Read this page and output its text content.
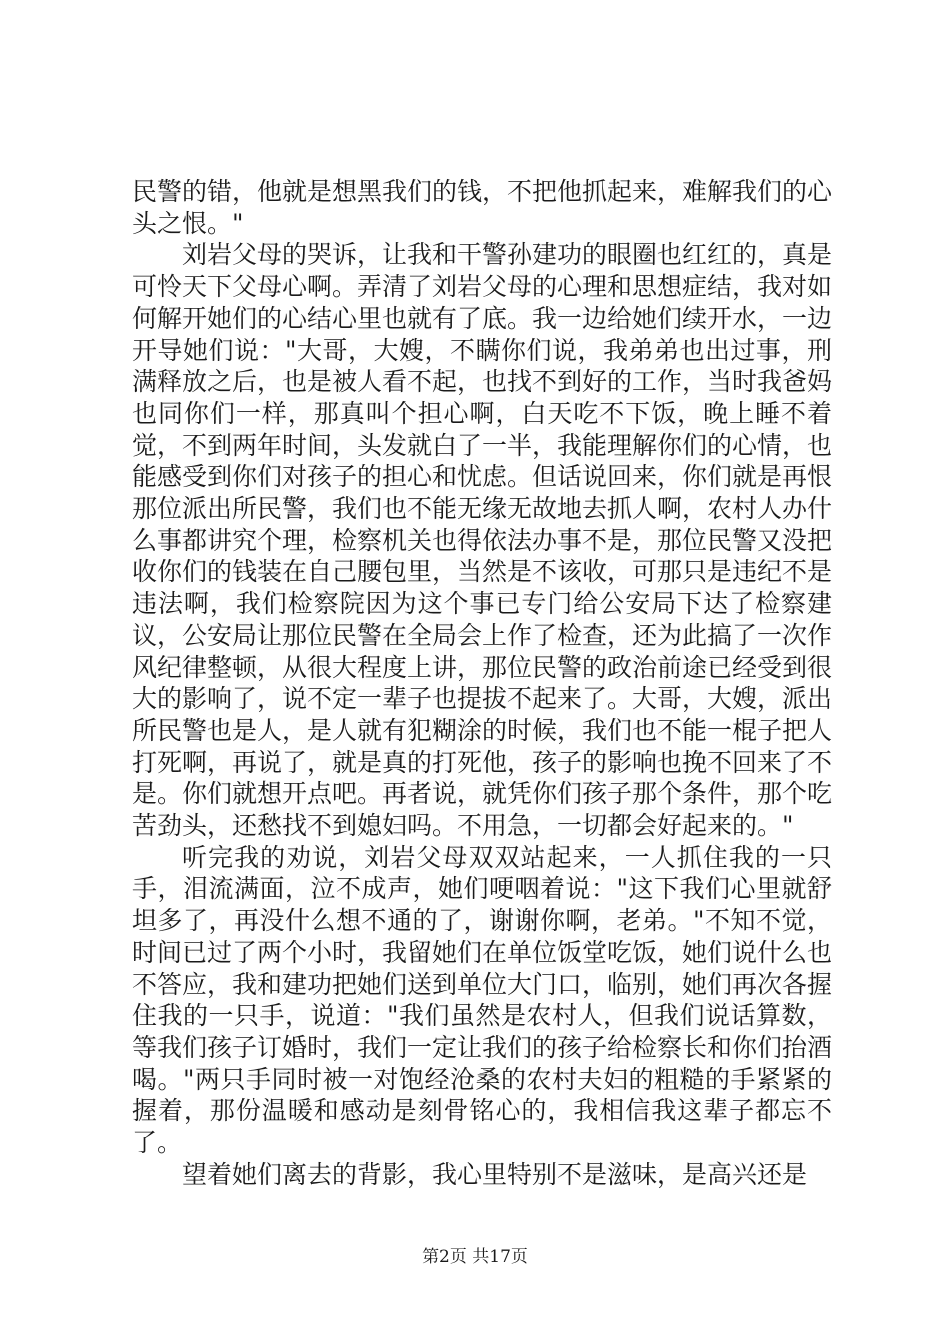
民警的错，他就是想黑我们的钱，不把他抓起来，难解我们的心头之恨。"

刘岩父母的哭诉，让我和干警孙建功的眼圈也红红的，真是可怜天下父母心啊。弄清了刘岩父母的心理和思想症结，我对如何解开她们的心结心里也就有了底。我一边给她们续开水，一边开导她们说："大哥，大嫂，不瞒你们说，我弟弟也出过事，刑满释放之后，也是被人看不起，也找不到好的工作，当时我爸妈也同你们一样，那真叫个担心啊，白天吃不下饭，晚上睡不着觉，不到两年时间，头发就白了一半，我能理解你们的心情，也能感受到你们对孩子的担心和忧虑。但话说回来，你们就是再恨那位派出所民警，我们也不能无缘无故地去抓人啊，农村人办什么事都讲究个理，检察机关也得依法办事不是，那位民警又没把收你们的钱装在自己腰包里，当然是不该收，可那只是违纪不是违法啊，我们检察院因为这个事已专门给公安局下达了检察建议，公安局让那位民警在全局会上作了检查，还为此搞了一次作风纪律整顿，从很大程度上讲，那位民警的政治前途已经受到很大的影响了，说不定一辈子也提拔不起来了。大哥，大嫂，派出所民警也是人，是人就有犯糊涂的时候，我们也不能一棍子把人打死啊，再说了，就是真的打死他，孩子的影响也挽不回来了不是。你们就想开点吧。再者说，就凭你们孩子那个条件，那个吃苦劲头，还愁找不到媳妇吗。不用急，一切都会好起来的。"

听完我的劝说，刘岩父母双双站起来，一人抓住我的一只手，泪流满面，泣不成声，她们哽咽着说："这下我们心里就舒坦多了，再没什么想不通的了，谢谢你啊，老弟。"不知不觉，时间已过了两个小时，我留她们在单位饭堂吃饭，她们说什么也不答应，我和建功把她们送到单位大门口，临别，她们再次各握住我的一只手，说道："我们虽然是农村人，但我们说话算数，等我们孩子订婚时，我们一定让我们的孩子给检察长和你们抬酒喝。"两只手同时被一对饱经沧桑的农村夫妇的粗糙的手紧紧的握着，那份温暖和感动是刻骨铭心的，我相信我这辈子都忘不了。

望着她们离去的背影，我心里特别不是滋味，是高兴还是

第2页 共17页
